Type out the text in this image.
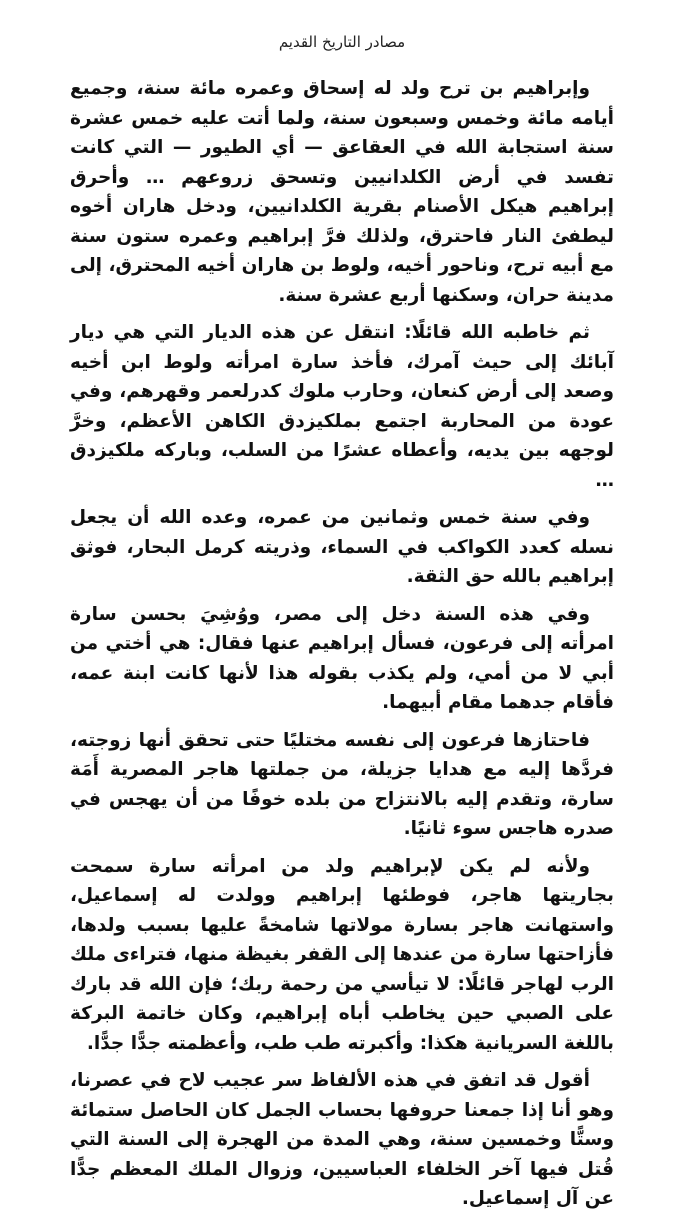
مصادر التاريخ القديم

وإبراهيم بن ترح ولد له إسحاق وعمره مائة سنة، وجميع أيامه مائة وخمس وسبعون سنة، ولما أتت عليه خمس عشرة سنة استجابة الله في العقاعق — أي الطيور — التي كانت تفسد في أرض الكلدانيين وتسحق زروعهم … وأحرق إبراهيم هيكل الأصنام بقرية الكلدانيين، ودخل هاران أخوه ليطفئ النار فاحترق، ولذلك فرَّ إبراهيم وعمره ستون سنة مع أبيه ترح، وناحور أخيه، ولوط بن هاران أخيه المحترق، إلى مدينة حران، وسكنها أربع عشرة سنة.

ثم خاطبه الله قائلًا: انتقل عن هذه الديار التي هي ديار آبائك إلى حيث آمرك، فأخذ سارة امرأته ولوط ابن أخيه وصعد إلى أرض كنعان، وحارب ملوك كدرلعمر وقهرهم، وفي عودة من المحاربة اجتمع بملكيزدق الكاهن الأعظم، وخرَّ لوجهه بين يديه، وأعطاه عشرًا من السلب، وباركه ملكيزدق …

وفي سنة خمس وثمانين من عمره، وعده الله أن يجعل نسله كعدد الكواكب في السماء، وذريته كرمل البحار، فوثق إبراهيم بالله حق الثقة.

وفي هذه السنة دخل إلى مصر، ووُشِيَ بحسن سارة امرأته إلى فرعون، فسأل إبراهيم عنها فقال: هي أختي من أبي لا من أمي، ولم يكذب بقوله هذا لأنها كانت ابنة عمه، فأقام جدهما مقام أبيهما.

فاحتازها فرعون إلى نفسه مختليًا حتى تحقق أنها زوجته، فردَّها إليه مع هدايا جزيلة، من جملتها هاجر المصرية أَمَة سارة، وتقدم إليه بالانتزاح من بلده خوفًا من أن يهجس في صدره هاجس سوء ثانيًا.

ولأنه لم يكن لإبراهيم ولد من امرأته سارة سمحت بجاريتها هاجر، فوطئها إبراهيم وولدت له إسماعيل، واستهانت هاجر بسارة مولاتها شامخةً عليها بسبب ولدها، فأزاحتها سارة من عندها إلى القفر بغيظة منها، فتراءى ملك الرب لهاجر قائلًا: لا تيأسي من رحمة ربك؛ فإن الله قد بارك على الصبي حين يخاطب أباه إبراهيم، وكان خاتمة البركة باللغة السريانية هكذا: وأكبرته طب طب، وأعظمته جدًّا جدًّا.

أقول قد اتفق في هذه الألفاظ سر عجيب لاح في عصرنا، وهو أنا إذا جمعنا حروفها بحساب الجمل كان الحاصل ستمائة وستًّا وخمسين سنة، وهي المدة من الهجرة إلى السنة التي قُتل فيها آخر الخلفاء العباسيين، وزوال الملك المعظم جدًّا عن آل إسماعيل.
